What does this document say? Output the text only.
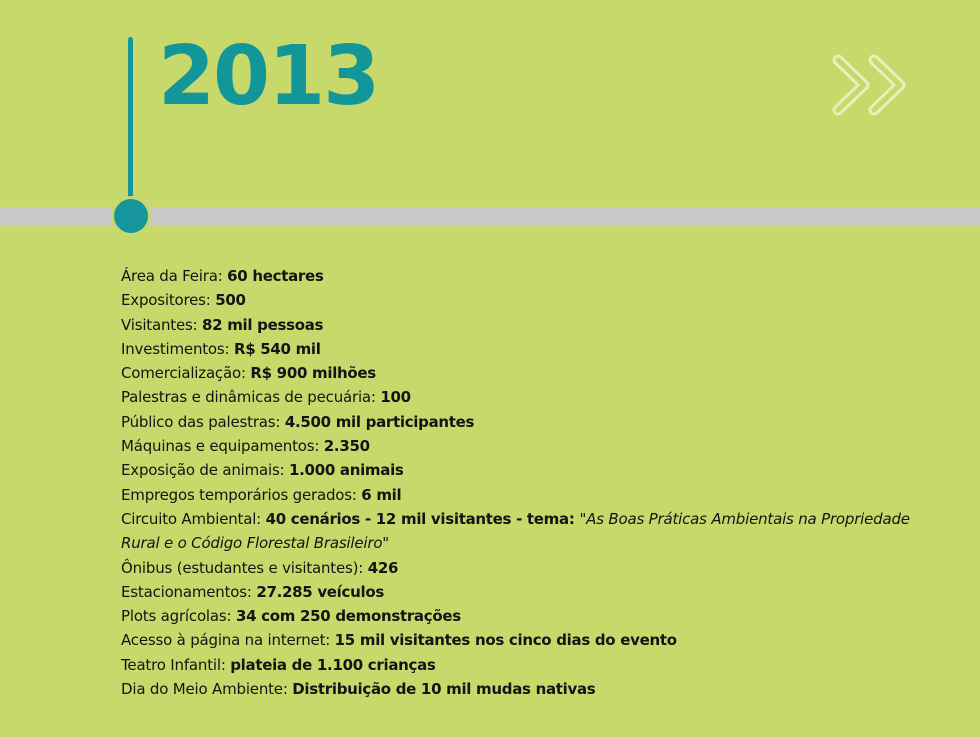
2013
Área da Feira: 60 hectares
Expositores: 500
Visitantes: 82 mil pessoas
Investimentos: R$ 540 mil
Comercialização: R$ 900 milhões
Palestras e dinâmicas de pecuária: 100
Público das palestras: 4.500 mil participantes
Máquinas e equipamentos: 2.350
Exposição de animais: 1.000 animais
Empregos temporários gerados: 6 mil
Circuito Ambiental: 40 cenários - 12 mil visitantes - tema: "As Boas Práticas Ambientais na Propriedade Rural e o Código Florestal Brasileiro"
Ônibus (estudantes e visitantes): 426
Estacionamentos: 27.285 veículos
Plots agrícolas: 34 com 250 demonstrações
Acesso à página na internet: 15 mil visitantes nos cinco dias do evento
Teatro Infantil: plateia de 1.100 crianças
Dia do Meio Ambiente: Distribuição de 10 mil mudas nativas
